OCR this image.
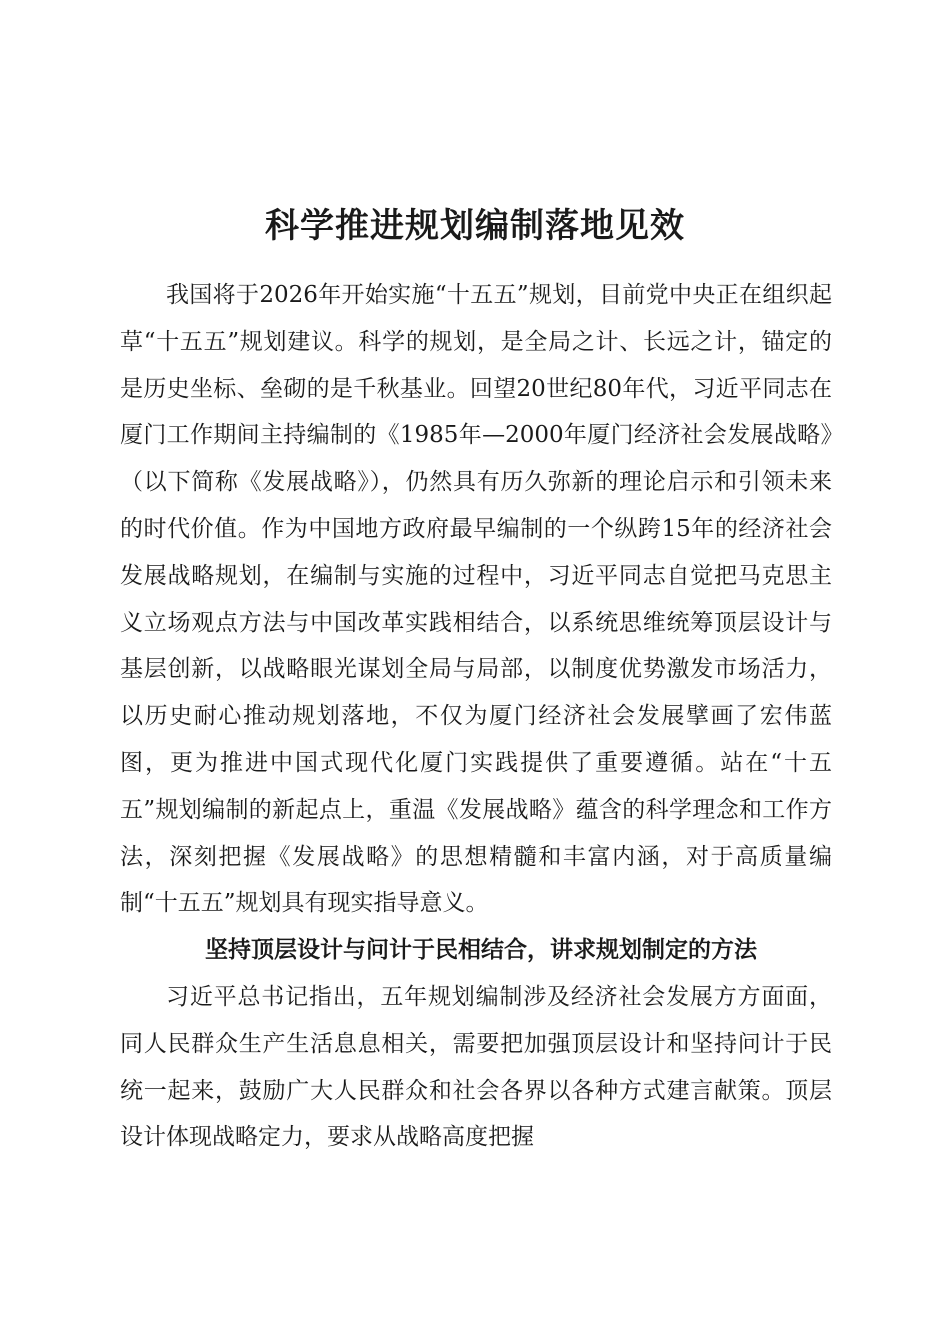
科学推进规划编制落地见效

我国将于2026年开始实施“十五五”规划，目前党中央正在组织起草“十五五”规划建议。科学的规划，是全局之计、长远之计，锚定的是历史坐标、垒砌的是千秋基业。回望20世纪80年代，习近平同志在厦门工作期间主持编制的《1985年—2000年厦门经济社会发展战略》（以下简称《发展战略》），仍然具有历久弥新的理论启示和引领未来的时代价值。作为中国地方政府最早编制的一个纵跨15年的经济社会发展战略规划，在编制与实施的过程中，习近平同志自觉把马克思主义立场观点方法与中国改革实践相结合，以系统思维统筹顶层设计与基层创新，以战略眼光谋划全局与局部，以制度优势激发市场活力，以历史耐心推动规划落地，不仅为厦门经济社会发展擘画了宏伟蓝图，更为推进中国式现代化厦门实践提供了重要遵循。站在“十五五”规划编制的新起点上，重温《发展战略》蕴含的科学理念和工作方法，深刻把握《发展战略》的思想精髓和丰富内涵，对于高质量编制“十五五”规划具有现实指导意义。

坚持顶层设计与问计于民相结合，讲求规划制定的方法

习近平总书记指出，五年规划编制涉及经济社会发展方方面面，同人民群众生产生活息息相关，需要把加强顶层设计和坚持问计于民统一起来，鼓励广大人民群众和社会各界以各种方式建言献策。顶层设计体现战略定力，要求从战略高度把握
